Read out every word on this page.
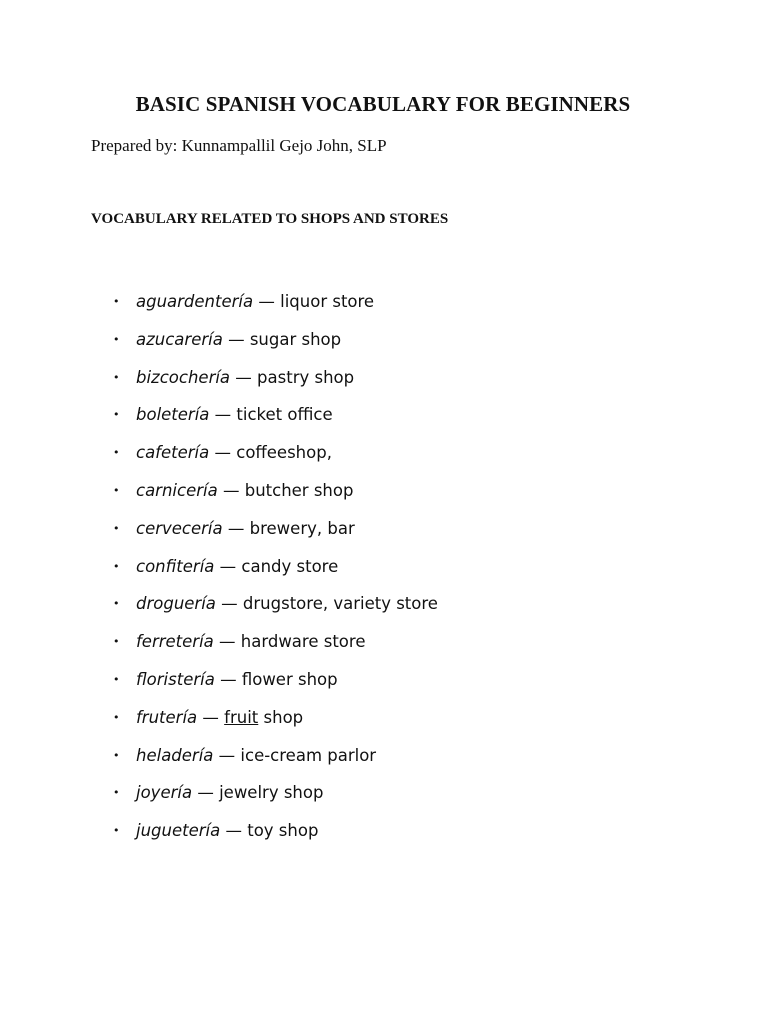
BASIC SPANISH VOCABULARY FOR BEGINNERS
Prepared by: Kunnampallil Gejo John, SLP
VOCABULARY RELATED TO SHOPS AND STORES
• aguardentería — liquor store
• azucarería — sugar shop
• bizcochería — pastry shop
• boletería — ticket office
• cafetería — coffeeshop,
• carnicería — butcher shop
• cervecería — brewery, bar
• confitería — candy store
• droguería — drugstore, variety store
• ferretería — hardware store
• floristería — flower shop
• frutería — fruit shop
• heladería — ice-cream parlor
• joyería — jewelry shop
• juguetería — toy shop
